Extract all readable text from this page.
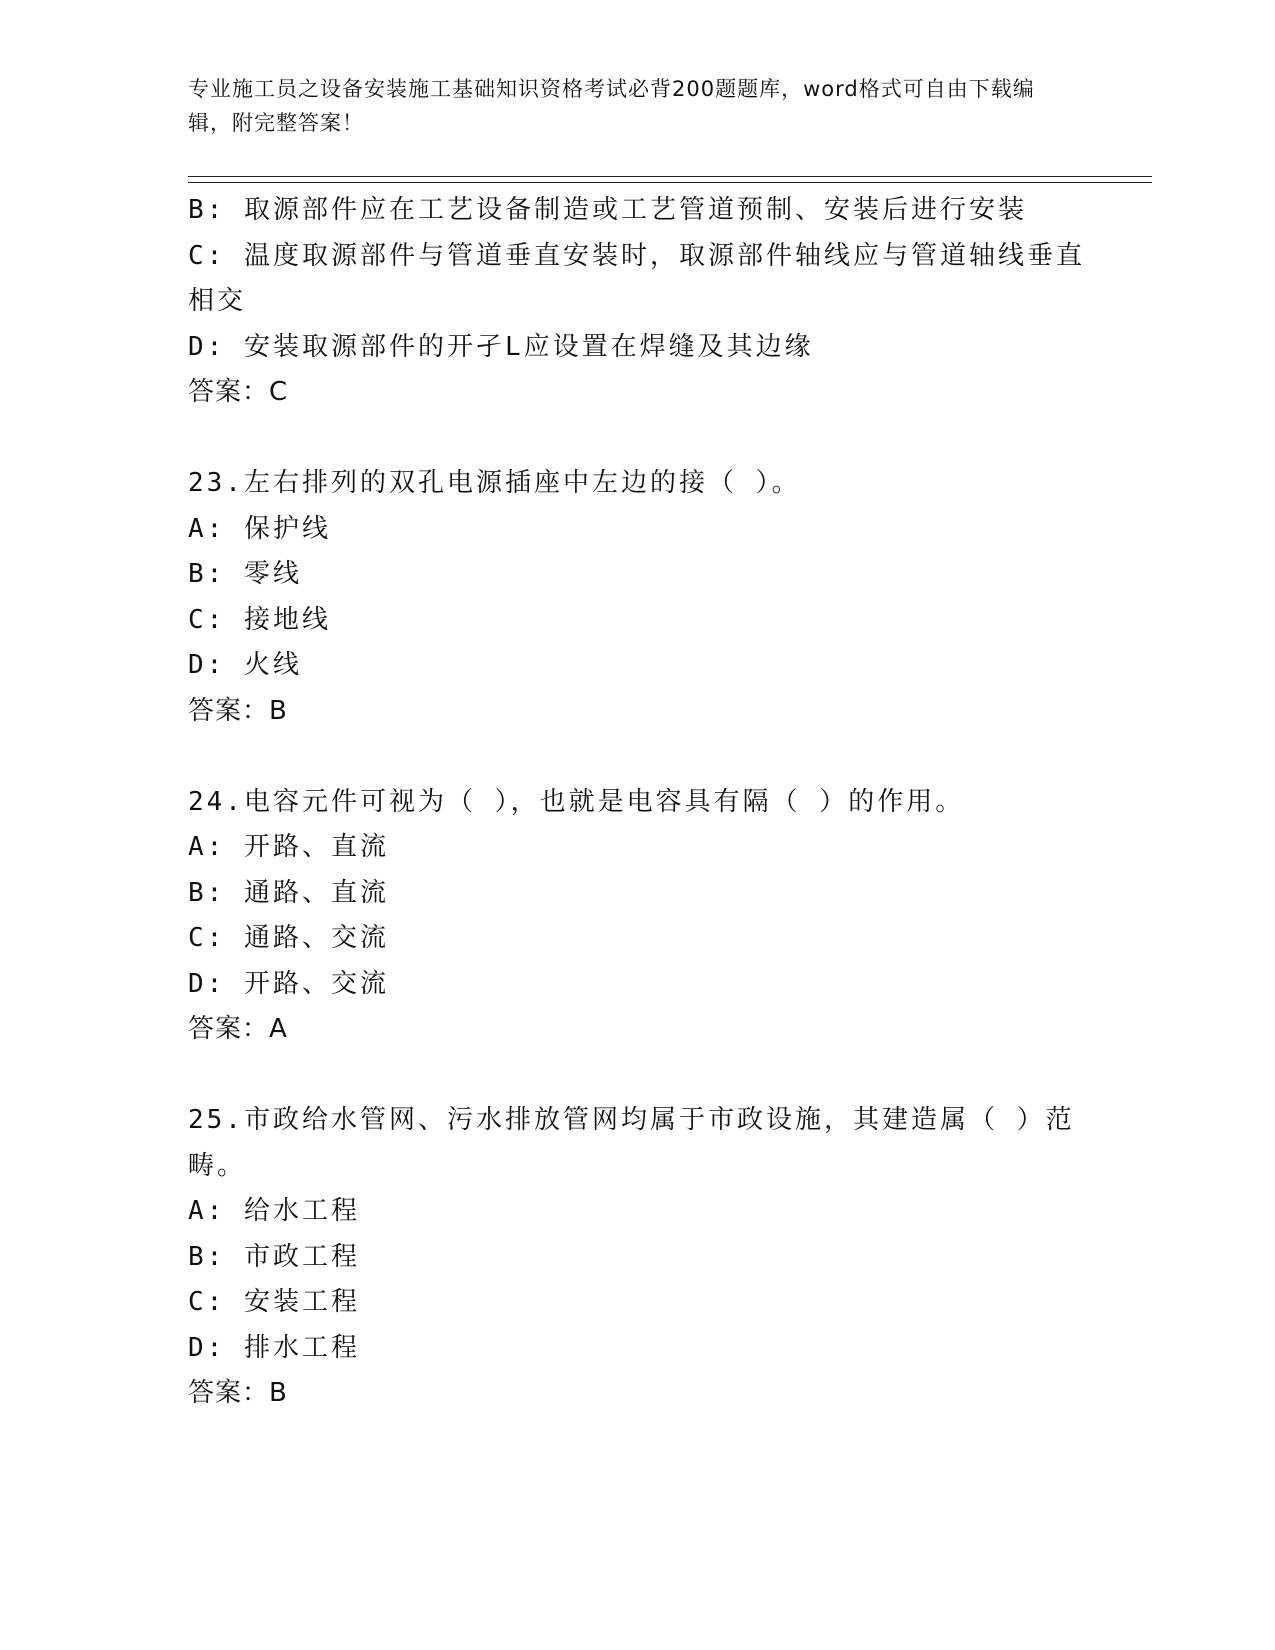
专业施工员之设备安装施工基础知识资格考试必背200题题库，word格式可自由下载编辑，附完整答案！

B: 取源部件应在工艺设备制造或工艺管道预制、安装后进行安装

C: 温度取源部件与管道垂直安装时，取源部件轴线应与管道轴线垂直相交

D: 安装取源部件的开孑L应设置在焊缝及其边缘

答案：C

23.左右排列的双孔电源插座中左边的接（ ）。

A: 保护线

B: 零线

C: 接地线

D: 火线

答案：B

24.电容元件可视为（ ），也就是电容具有隔（ ）的作用。

A: 开路、直流

B: 通路、直流

C: 通路、交流

D: 开路、交流

答案：A

25.市政给水管网、污水排放管网均属于市政设施，其建造属（ ）范畴。

A: 给水工程

B: 市政工程

C: 安装工程

D: 排水工程

答案：B
